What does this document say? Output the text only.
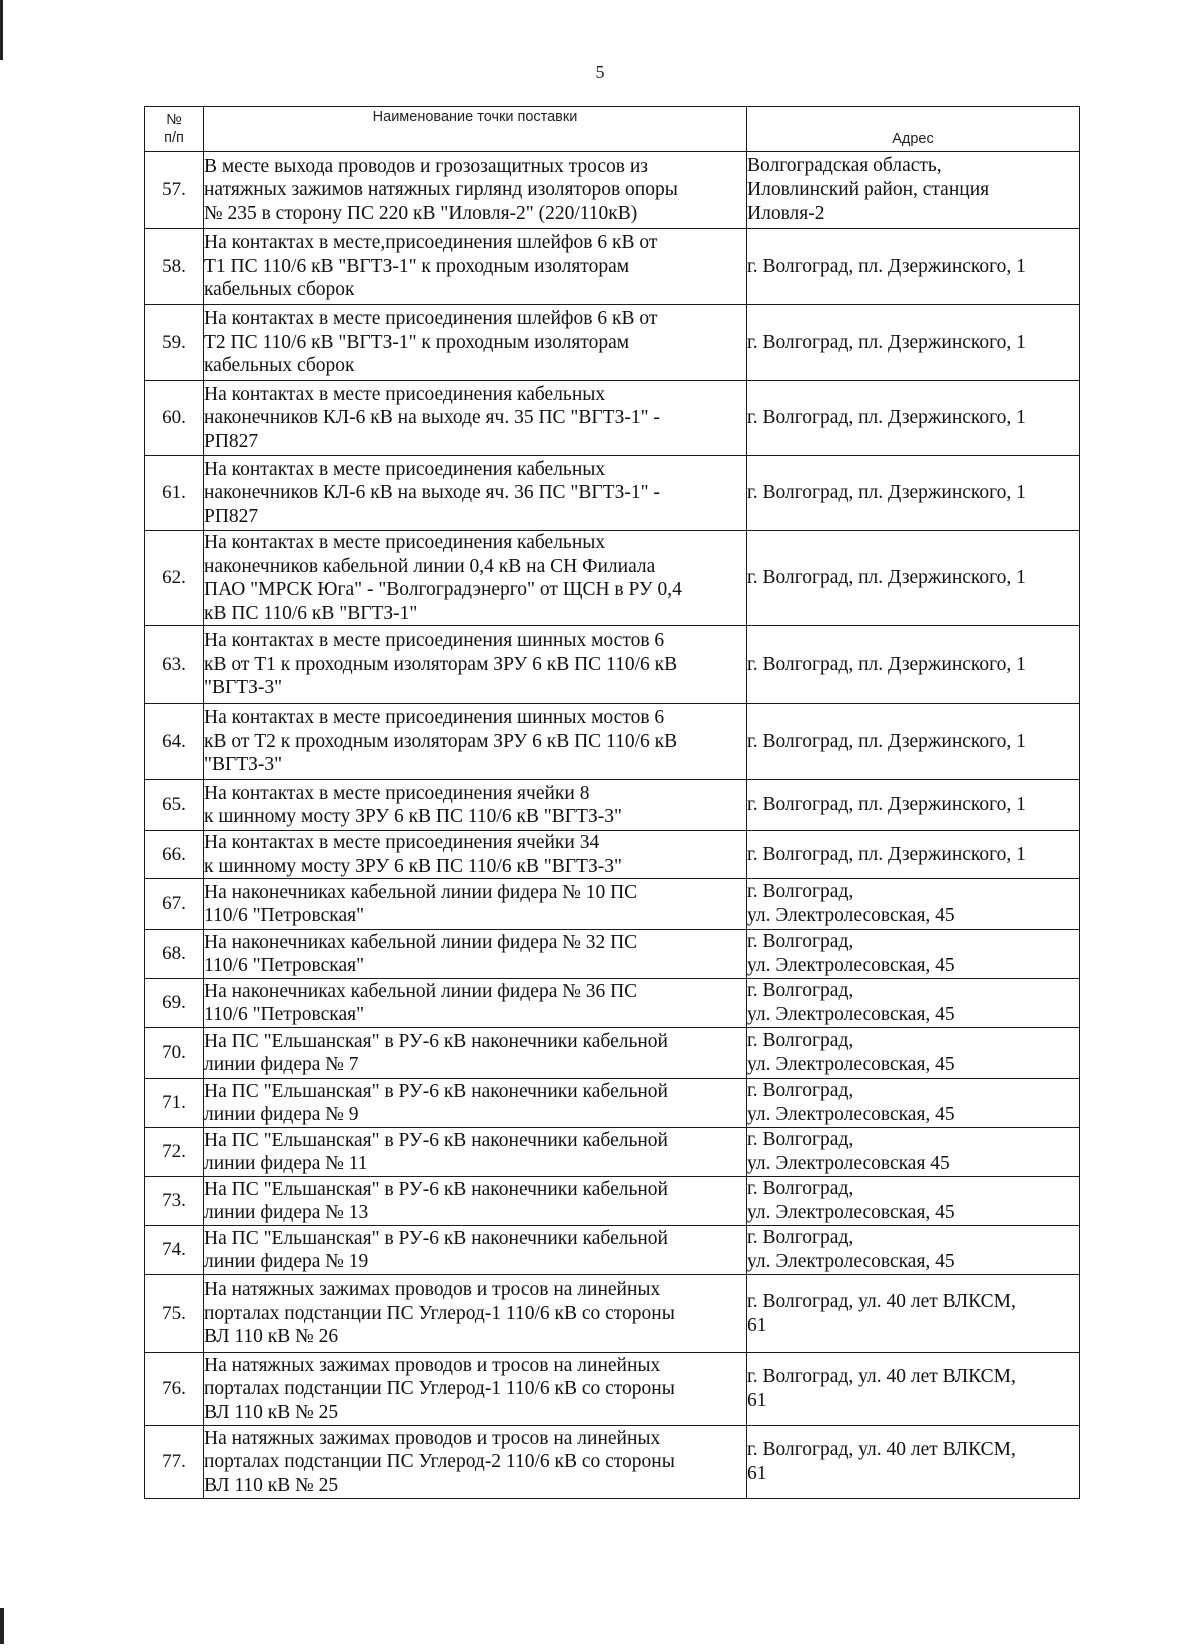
5
№
п/п	Наименование точки поставки	Адрес
57.	В месте выхода проводов и грозозащитных тросов из
натяжных зажимов натяжных гирлянд изоляторов опоры
№ 235 в сторону ПС 220 кВ "Иловля-2" (220/110кВ)	Волгоградская область,
Иловлинский район, станция
Иловля-2
58.	На контактах в месте,присоединения шлейфов 6 кВ от
Т1 ПС 110/6 кВ "ВГТЗ-1" к проходным изоляторам
кабельных сборок	г. Волгоград, пл. Дзержинского, 1
59.	На контактах в месте присоединения шлейфов 6 кВ от
Т2 ПС 110/6 кВ "ВГТЗ-1" к проходным изоляторам
кабельных сборок	г. Волгоград, пл. Дзержинского, 1
60.	На контактах в месте присоединения кабельных
наконечников КЛ-6 кВ на выходе яч. 35 ПС "ВГТЗ-1" -
РП827	г. Волгоград, пл. Дзержинского, 1
61.	На контактах в месте присоединения кабельных
наконечников КЛ-6 кВ на выходе яч. 36 ПС "ВГТЗ-1" -
РП827	г. Волгоград, пл. Дзержинского, 1
62.	На контактах в месте присоединения кабельных
наконечников кабельной линии 0,4 кВ на СН Филиала
ПАО "МРСК Юга" - "Волгоградэнерго" от ЩСН в РУ 0,4
кВ ПС 110/6 кВ "ВГТЗ-1"	г. Волгоград, пл. Дзержинского, 1
63.	На контактах в месте присоединения шинных мостов 6
кВ от Т1 к проходным изоляторам ЗРУ 6 кВ ПС 110/6 кВ
"ВГТЗ-3"	г. Волгоград, пл. Дзержинского, 1
64.	На контактах в месте присоединения шинных мостов 6
кВ от Т2 к проходным изоляторам ЗРУ 6 кВ ПС 110/6 кВ
"ВГТЗ-3"	г. Волгоград, пл. Дзержинского, 1
65.	На контактах в месте присоединения ячейки 8
к шинному мосту ЗРУ 6 кВ ПС 110/6 кВ "ВГТЗ-3"	г. Волгоград, пл. Дзержинского, 1
66.	На контактах в месте присоединения ячейки 34
к шинному мосту ЗРУ 6 кВ ПС 110/6 кВ "ВГТЗ-3"	г. Волгоград, пл. Дзержинского, 1
67.	На наконечниках кабельной линии фидера № 10 ПС
110/6 "Петровская"	г. Волгоград,
ул. Электролесовская, 45
68.	На наконечниках кабельной линии фидера № 32 ПС
110/6 "Петровская"	г. Волгоград,
ул. Электролесовская, 45
69.	На наконечниках кабельной линии фидера № 36 ПС
110/6 "Петровская"	г. Волгоград,
ул. Электролесовская, 45
70.	На ПС "Ельшанская" в РУ-6 кВ наконечники кабельной
линии фидера № 7	г. Волгоград,
ул. Электролесовская, 45
71.	На ПС "Ельшанская" в РУ-6 кВ наконечники кабельной
линии фидера № 9	г. Волгоград,
ул. Электролесовская, 45
72.	На ПС "Ельшанская" в РУ-6 кВ наконечники кабельной
линии фидера № 11	г. Волгоград,
ул. Электролесовская 45
73.	На ПС "Ельшанская" в РУ-6 кВ наконечники кабельной
линии фидера № 13	г. Волгоград,
ул. Электролесовская, 45
74.	На ПС "Ельшанская" в РУ-6 кВ наконечники кабельной
линии фидера № 19	г. Волгоград,
ул. Электролесовская, 45
75.	На натяжных зажимах проводов и тросов на линейных
порталах подстанции ПС Углерод-1 110/6 кВ со стороны
ВЛ 110 кВ № 26	г. Волгоград, ул. 40 лет ВЛКСМ,
61
76.	На натяжных зажимах проводов и тросов на линейных
порталах подстанции ПС Углерод-1 110/6 кВ со стороны
ВЛ 110 кВ № 25	г. Волгоград, ул. 40 лет ВЛКСМ,
61
77.	На натяжных зажимах проводов и тросов на линейных
порталах подстанции ПС Углерод-2 110/6 кВ со стороны
ВЛ 110 кВ № 25	г. Волгоград, ул. 40 лет ВЛКСМ,
61
